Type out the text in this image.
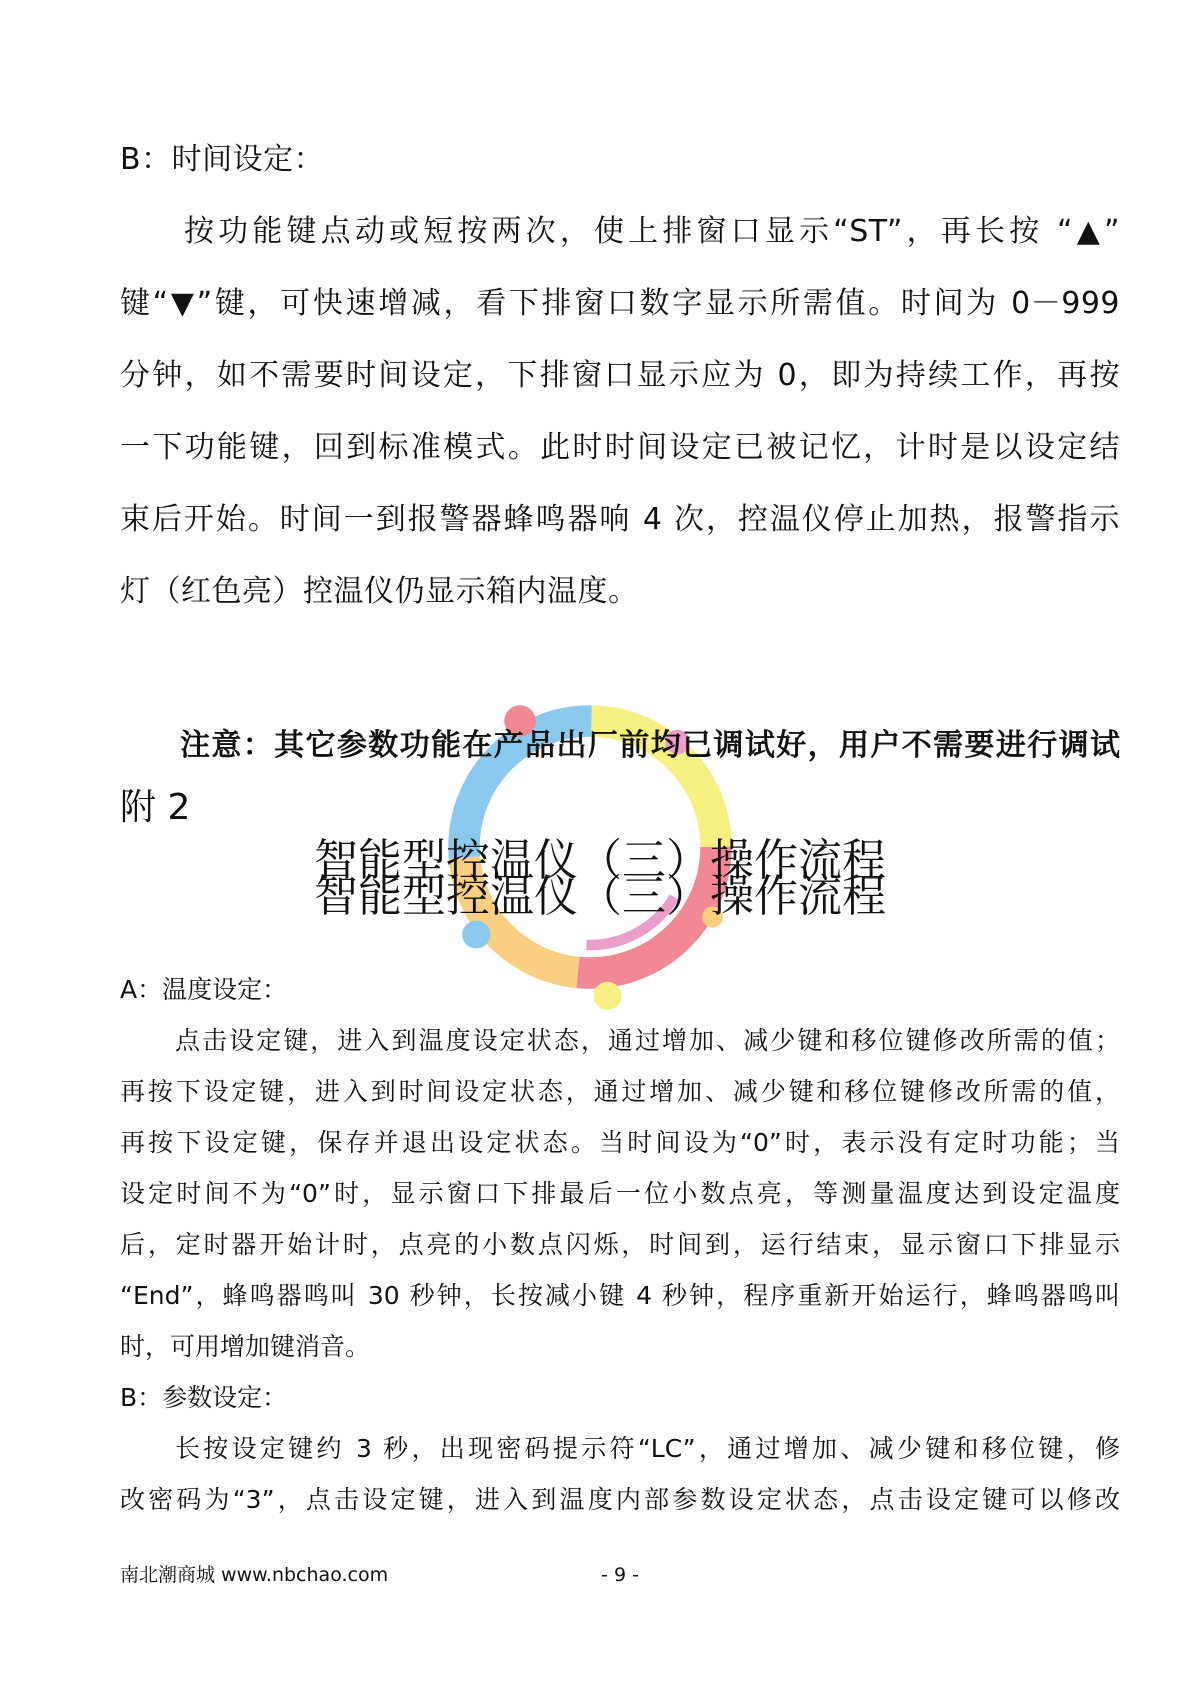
B：时间设定：
按功能键点动或短按两次，使上排窗口显示“ST”，再长按 “▲”
键“▼”键，可快速增减，看下排窗口数字显示所需值。时间为 0－999
分钟，如不需要时间设定，下排窗口显示应为 0，即为持续工作，再按
一下功能键，回到标准模式。此时时间设定已被记忆，计时是以设定结
束后开始。时间一到报警器蜂鸣器响 4 次，控温仪停止加热，报警指示
灯（红色亮）控温仪仍显示箱内温度。
注意：其它参数功能在产品出厂前均已调试好，用户不需要进行调试
附 2
智能型控温仪（三）操作流程
智能型控温仪（三）操作流程
A：温度设定：
点击设定键，进入到温度设定状态，通过增加、减少键和移位键修改所需的值；
再按下设定键，进入到时间设定状态，通过增加、减少键和移位键修改所需的值，
再按下设定键，保存并退出设定状态。当时间设为“0”时，表示没有定时功能；当
设定时间不为“0”时，显示窗口下排最后一位小数点亮，等测量温度达到设定温度
后，定时器开始计时，点亮的小数点闪烁，时间到，运行结束，显示窗口下排显示
“End”，蜂鸣器鸣叫 30 秒钟，长按减小键 4 秒钟，程序重新开始运行，蜂鸣器鸣叫
时，可用增加键消音。
B：参数设定：
长按设定键约 3 秒，出现密码提示符“LC”，通过增加、减少键和移位键，修
改密码为“3”，点击设定键，进入到温度内部参数设定状态，点击设定键可以修改
南北潮商城 www.nbchao.com	- 9 -
